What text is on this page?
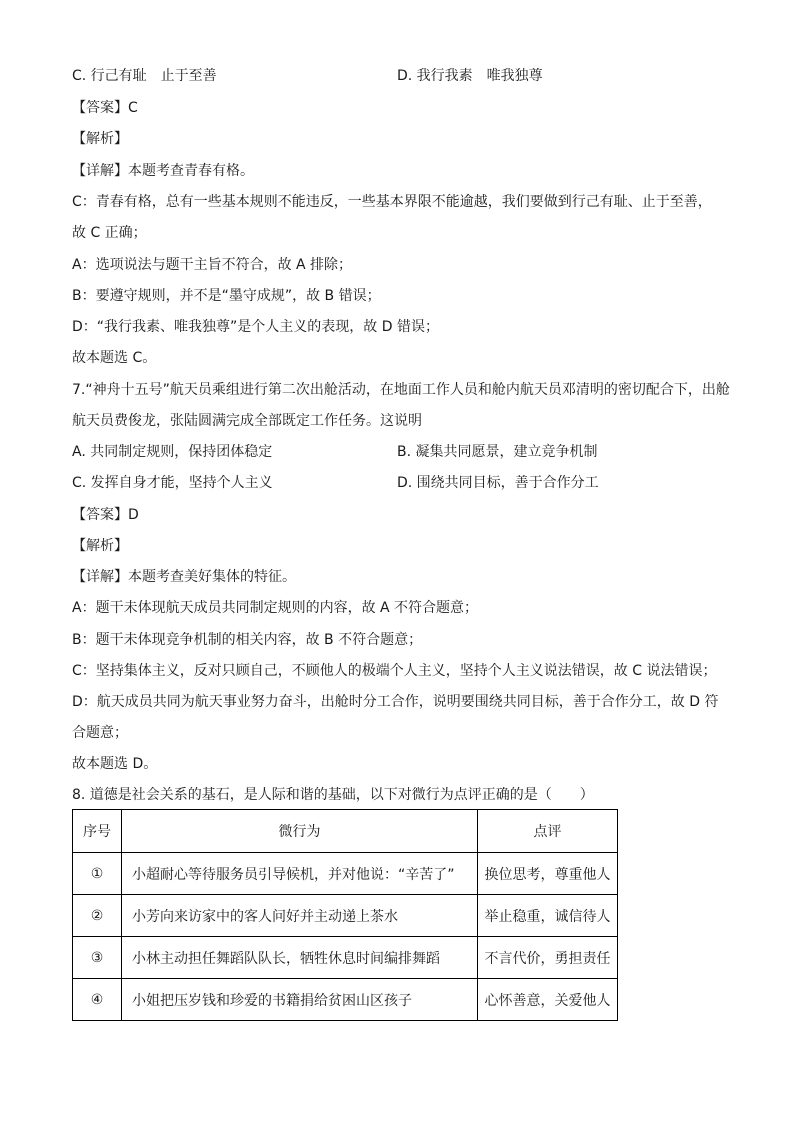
C. 行己有耻　止于至善	D. 我行我素　唯我独尊
【答案】C
【解析】
【详解】本题考查青春有格。
C：青春有格，总有一些基本规则不能违反，一些基本界限不能逾越，我们要做到行己有耻、止于至善，
故 C 正确；
A：选项说法与题干主旨不符合，故 A 排除；
B：要遵守规则，并不是“墨守成规”，故 B 错误；
D：“我行我素、唯我独尊”是个人主义的表现，故 D 错误；
故本题选 C。
7.“神舟十五号”航天员乘组进行第二次出舱活动，在地面工作人员和舱内航天员邓清明的密切配合下，出舱
航天员费俊龙，张陆圆满完成全部既定工作任务。这说明
A. 共同制定规则，保持团体稳定	B. 凝集共同愿景，建立竞争机制
C. 发挥自身才能，坚持个人主义	D. 围绕共同目标，善于合作分工
【答案】D
【解析】
【详解】本题考查美好集体的特征。
A：题干未体现航天成员共同制定规则的内容，故 A 不符合题意；
B：题干未体现竞争机制的相关内容，故 B 不符合题意；
C：坚持集体主义，反对只顾自己，不顾他人的极端个人主义，坚持个人主义说法错误，故 C 说法错误；
D：航天成员共同为航天事业努力奋斗，出舱时分工合作，说明要围绕共同目标，善于合作分工，故 D 符
合题意；
故本题选 D。
8. 道德是社会关系的基石，是人际和谐的基础，以下对微行为点评正确的是（　　）
序号	微行为	点评
①	小超耐心等待服务员引导候机，并对他说：“辛苦了”	换位思考，尊重他人
②	小芳向来访家中的客人问好并主动递上茶水	举止稳重，诚信待人
③	小林主动担任舞蹈队队长，牺牲休息时间编排舞蹈	不言代价，勇担责任
④	小姐把压岁钱和珍爱的书籍捐给贫困山区孩子	心怀善意，关爱他人
